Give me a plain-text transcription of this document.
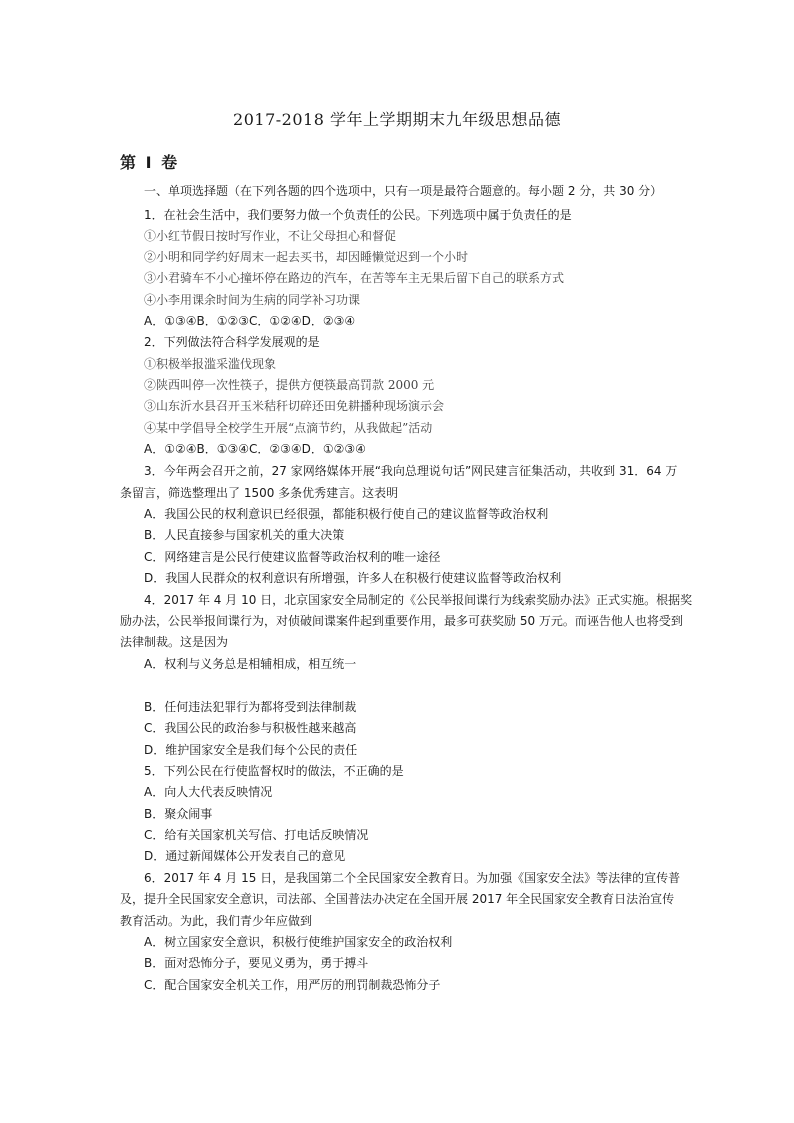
2017-2018 学年上学期期末九年级思想品德
第 Ⅰ 卷
一、单项选择题（在下列各题的四个选项中，只有一项是最符合题意的。每小题 2 分，共 30 分）
1．在社会生活中，我们要努力做一个负责任的公民。下列选项中属于负责任的是
①小红节假日按时写作业，不让父母担心和督促
②小明和同学约好周末一起去买书，却因睡懒觉迟到一个小时
③小君骑车不小心撞坏停在路边的汽车，在苦等车主无果后留下自己的联系方式
④小李用课余时间为生病的同学补习功课
A．①③④B．①②③C．①②④D．②③④
2．下列做法符合科学发展观的是
①积极举报滥采滥伐现象
②陕西叫停一次性筷子，提供方便筷最高罚款 2000 元
③山东沂水县召开玉米秸秆切碎还田免耕播种现场演示会
④某中学倡导全校学生开展“点滴节约，从我做起”活动
A．①②④B．①③④C．②③④D．①②③④
3．今年两会召开之前，27 家网络媒体开展“我向总理说句话”网民建言征集活动，共收到 31．64 万
条留言，筛选整理出了 1500 多条优秀建言。这表明
A．我国公民的权利意识已经很强，都能积极行使自己的建议监督等政治权利
B．人民直接参与国家机关的重大决策
C．网络建言是公民行使建议监督等政治权利的唯一途径
D．我国人民群众的权利意识有所增强，许多人在积极行使建议监督等政治权利
4．2017 年 4 月 10 日，北京国家安全局制定的《公民举报间谍行为线索奖励办法》正式实施。根据奖
励办法，公民举报间谍行为，对侦破间谍案件起到重要作用，最多可获奖励 50 万元。而诬告他人也将受到
法律制裁。这是因为
A．权利与义务总是相辅相成，相互统一
B．任何违法犯罪行为都将受到法律制裁
C．我国公民的政治参与积极性越来越高
D．维护国家安全是我们每个公民的责任
5．下列公民在行使监督权时的做法，不正确的是
A．向人大代表反映情况
B．聚众闹事
C．给有关国家机关写信、打电话反映情况
D．通过新闻媒体公开发表自己的意见
6．2017 年 4 月 15 日，是我国第二个全民国家安全教育日。为加强《国家安全法》等法律的宣传普
及，提升全民国家安全意识，司法部、全国普法办决定在全国开展 2017 年全民国家安全教育日法治宣传
教育活动。为此，我们青少年应做到
A．树立国家安全意识，积极行使维护国家安全的政治权利
B．面对恐怖分子，要见义勇为，勇于搏斗
C．配合国家安全机关工作，用严厉的刑罚制裁恐怖分子
